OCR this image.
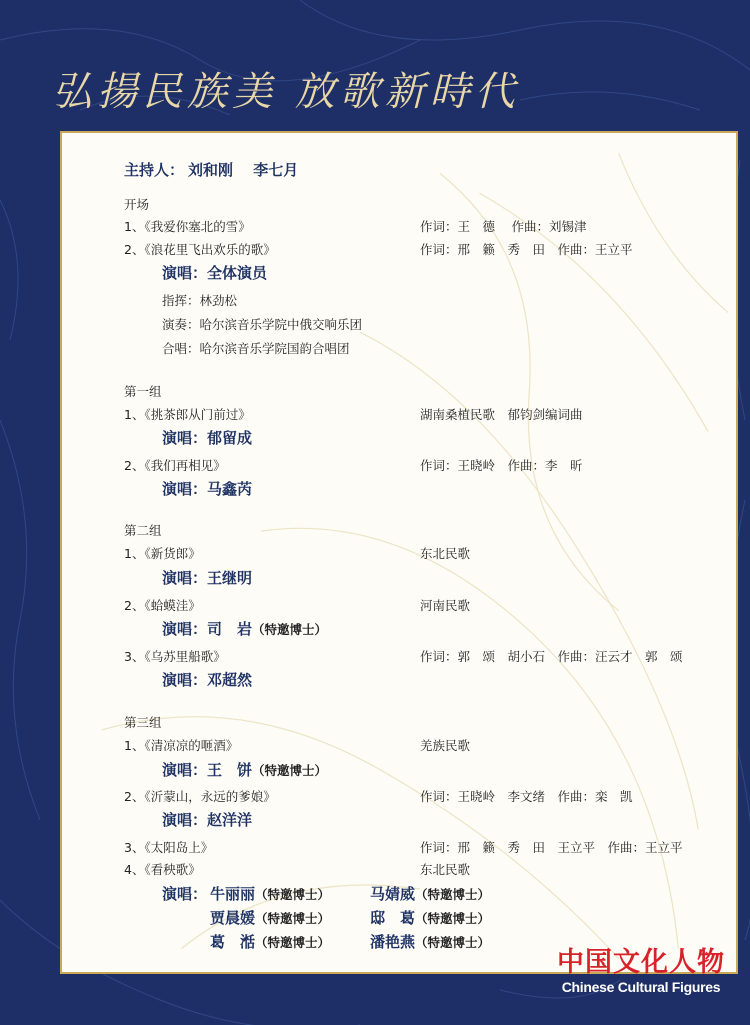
弘揚民族美 放歌新時代
主持人： 刘和刚　 李七月
开场
1、《我爱你塞北的雪》	作词：王　德　 作曲：刘锡津
2、《浪花里飞出欢乐的歌》	作词：邢　籁　秀　田　作曲：王立平
演唱：全体演员
指挥：林劲松
演奏：哈尔滨音乐学院中俄交响乐团
合唱：哈尔滨音乐学院国韵合唱团
第一组
1、《挑茶郎从门前过》	湖南桑植民歌　郁钧剑编词曲
演唱：郁留成
2、《我们再相见》	作词：王晓岭　作曲：李　昕
演唱：马鑫芮
第二组
1、《新货郎》	东北民歌
演唱：王继明
2、《蛤蟆洼》	河南民歌
演唱：司　岩（特邀博士）
3、《乌苏里船歌》	作词：郭　颂　胡小石　作曲：汪云才　郭　颂
演唱：邓超然
第三组
1、《清凉凉的咂酒》	羌族民歌
演唱：王　饼（特邀博士）
2、《沂蒙山，永远的爹娘》	作词：王晓岭　李文绪　作曲：栾　凯
演唱：赵洋洋
3、《太阳岛上》	作词：邢　籁　秀　田　王立平　作曲：王立平
4、《看秧歌》	东北民歌
演唱： 牛丽丽（特邀博士）	马婧威（特邀博士）
贾晨媛（特邀博士）	邸　葛（特邀博士）
葛　湉（特邀博士）	潘艳燕（特邀博士）
中国文化人物
Chinese Cultural Figures
